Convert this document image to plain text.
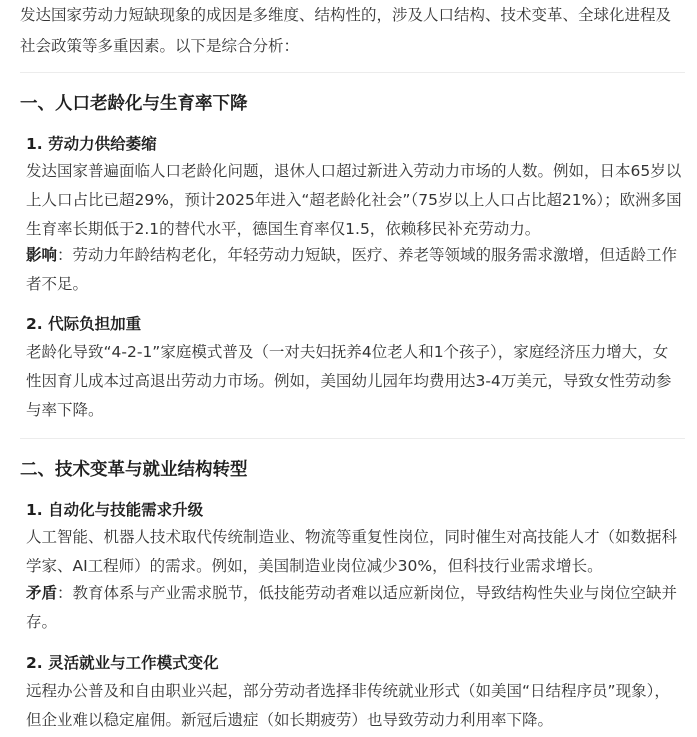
发达国家劳动力短缺现象的成因是多维度、结构性的，涉及人口结构、技术变革、全球化进程及社会政策等多重因素。以下是综合分析：
一、人口老龄化与生育率下降
1. 劳动力供给萎缩
发达国家普遍面临人口老龄化问题，退休人口超过新进入劳动力市场的人数。例如，日本65岁以上人口占比已超29%，预计2025年进入“超老龄化社会”（75岁以上人口占比超21%）；欧洲多国生育率长期低于2.1的替代水平，德国生育率仅1.5，依赖移民补充劳动力。
影响：劳动力年龄结构老化，年轻劳动力短缺，医疗、养老等领域的服务需求激增，但适龄工作者不足。
2. 代际负担加重
老龄化导致“4-2-1”家庭模式普及（一对夫妇抚养4位老人和1个孩子），家庭经济压力增大，女性因育儿成本过高退出劳动力市场。例如，美国幼儿园年均费用达3-4万美元，导致女性劳动参与率下降。
二、技术变革与就业结构转型
1. 自动化与技能需求升级
人工智能、机器人技术取代传统制造业、物流等重复性岗位，同时催生对高技能人才（如数据科学家、AI工程师）的需求。例如，美国制造业岗位减少30%，但科技行业需求增长。
矛盾：教育体系与产业需求脱节，低技能劳动者难以适应新岗位，导致结构性失业与岗位空缺并存。
2. 灵活就业与工作模式变化
远程办公普及和自由职业兴起，部分劳动者选择非传统就业形式（如美国“日结程序员”现象），但企业难以稳定雇佣。新冠后遗症（如长期疲劳）也导致劳动力利用率下降。
